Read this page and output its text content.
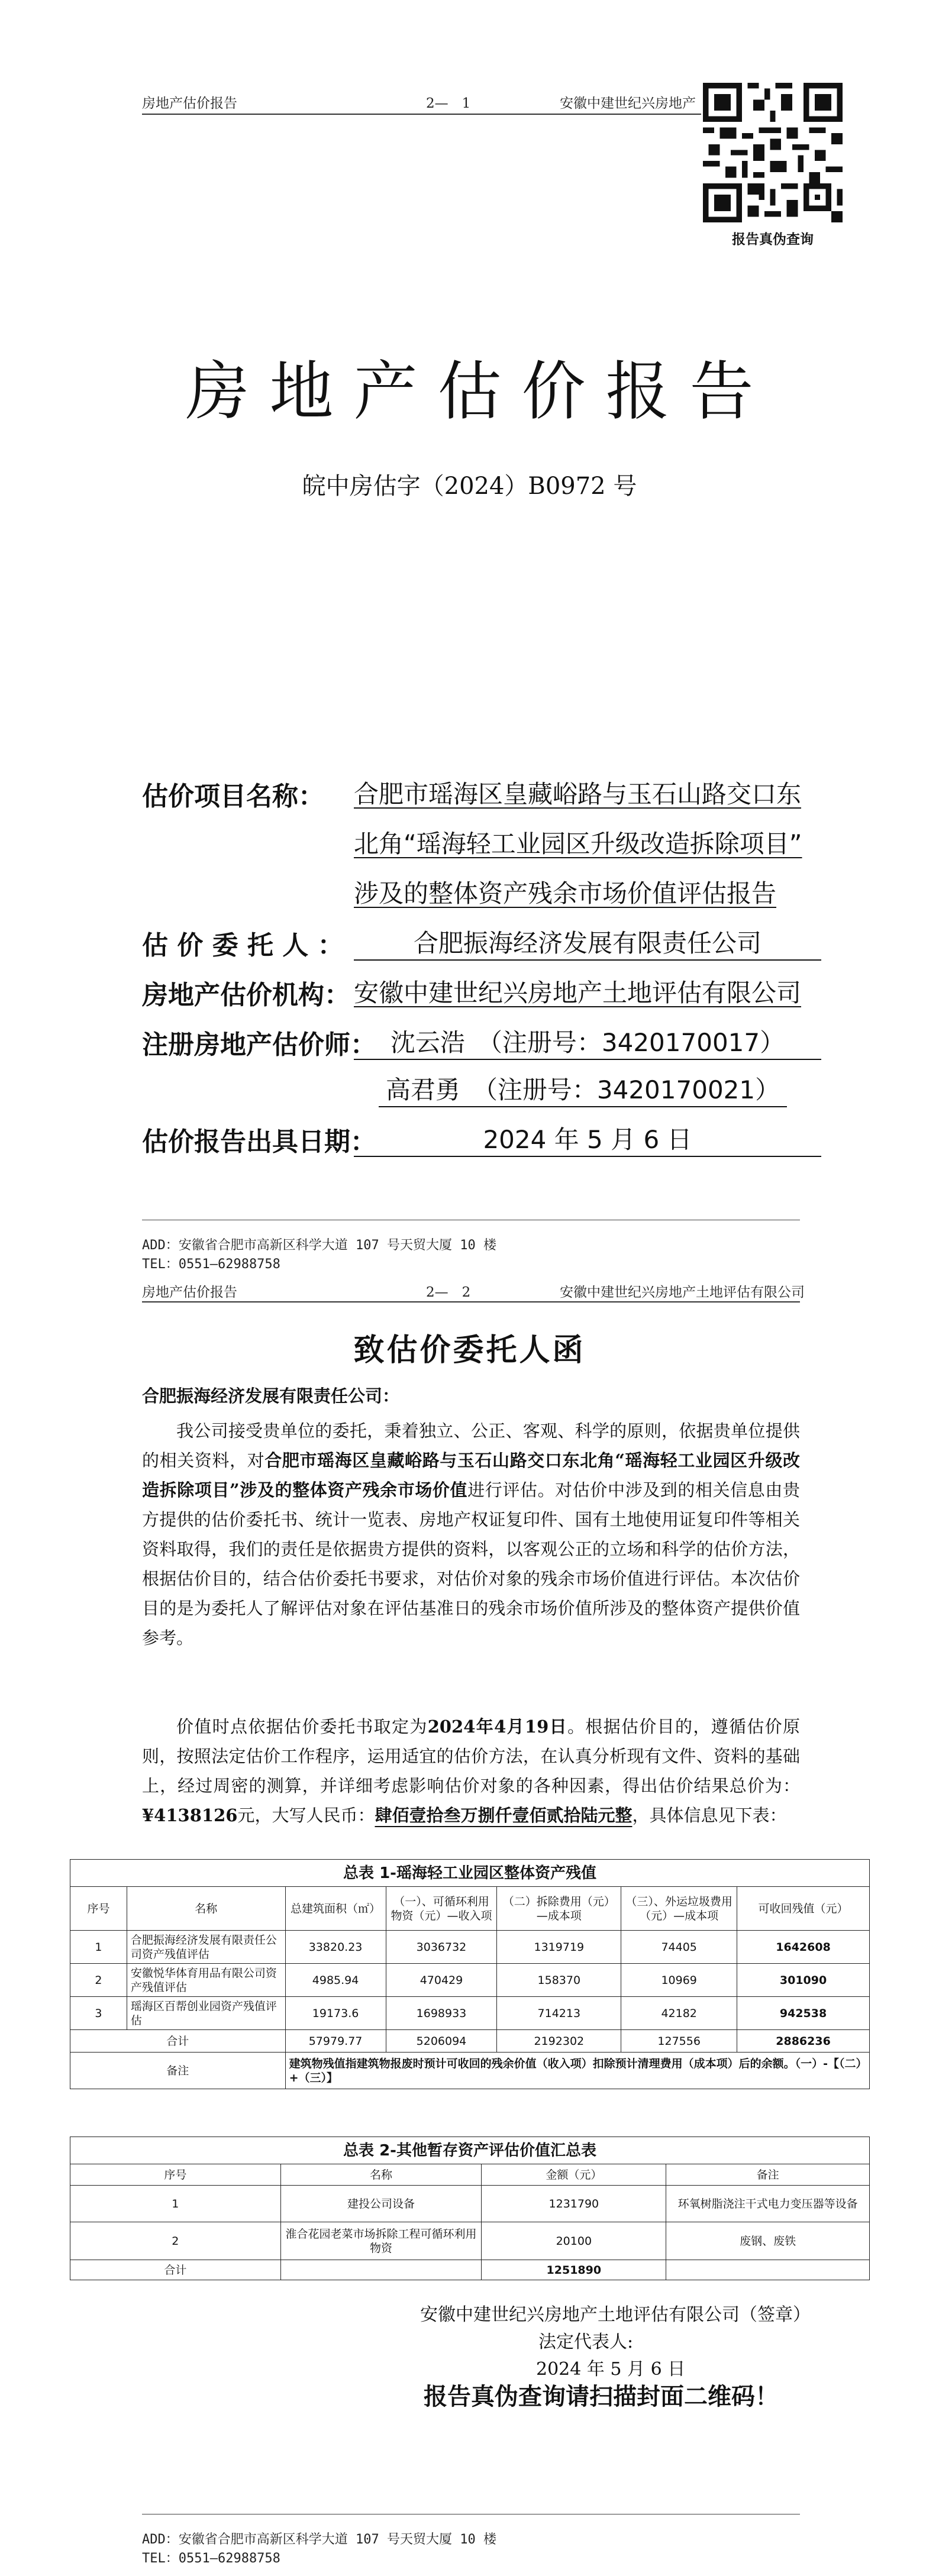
房地产估价报告	2—　1	安徽中建世纪兴房地产
报告真伪查询
房地产估价报告
皖中房估字（2024）B0972 号
估价项目名称： 合肥市瑶海区皇藏峪路与玉石山路交口东
北角“瑶海轻工业园区升级改造拆除项目”
涉及的整体资产残余市场价值评估报告
估 价 委 托 人 ：	合肥振海经济发展有限责任公司
房地产估价机构： 安徽中建世纪兴房地产土地评估有限公司
注册房地产估价师： 沈云浩　（注册号：3420170017）
高君勇　（注册号：3420170021）
估价报告出具日期：	2024 年 5 月 6 日
ADD：安徽省合肥市高新区科学大道 107 号天贸大厦 10 楼
TEL：0551—62988758
房地产估价报告	2—　2	安徽中建世纪兴房地产土地评估有限公司
致估价委托人函
合肥振海经济发展有限责任公司：
我公司接受贵单位的委托，秉着独立、公正、客观、科学的原则，依据贵单位提供的相关资料，对合肥市瑶海区皇藏峪路与玉石山路交口东北角“瑶海轻工业园区升级改造拆除项目”涉及的整体资产残余市场价值进行评估。对估价中涉及到的相关信息由贵方提供的估价委托书、统计一览表、房地产权证复印件、国有土地使用证复印件等相关资料取得，我们的责任是依据贵方提供的资料，以客观公正的立场和科学的估价方法，根据估价目的，结合估价委托书要求，对估价对象的残余市场价值进行评估。本次估价目的是为委托人了解评估对象在评估基准日的残余市场价值所涉及的整体资产提供价值参考。
价值时点依据估价委托书取定为2024年4月19日。根据估价目的，遵循估价原则，按照法定估价工作程序，运用适宜的估价方法，在认真分析现有文件、资料的基础上，经过周密的测算，并详细考虑影响估价对象的各种因素，得出估价结果总价为：¥4138126元，大写人民币：肆佰壹拾叁万捌仟壹佰贰拾陆元整，具体信息见下表：
总表 1-瑶海轻工业园区整体资产残值						
序号	名称	总建筑面积（㎡）	（一）、可循环利用物资（元）—收入项	（二）拆除费用（元）—成本项	（三）、外运垃圾费用（元）—成本项	可收回残值（元）
1	合肥振海经济发展有限责任公司资产残值评估	33820.23	3036732	1319719	74405	1642608
2	安徽悦华体育用品有限公司资产残值评估	4985.94	470429	158370	10969	301090
3	瑶海区百帮创业园资产残值评估	19173.6	1698933	714213	42182	942538
合计		57979.77	5206094	2192302	127556	2886236
备注		建筑物残值指建筑物报废时预计可收回的残余价值（收入项）扣除预计清理费用（成本项）后的余额。（一）-【（二）+（三）】				
总表 2-其他暂存资产评估价值汇总表			
序号	名称	金额（元）	备注
1	建投公司设备	1231790	环氧树脂浇注干式电力变压器等设备
2	淮合花园老菜市场拆除工程可循环利用物资	20100	废钢、废铁
合计		1251890	
安徽中建世纪兴房地产土地评估有限公司（签章）
法定代表人:
2024 年 5 月 6 日
报告真伪查询请扫描封面二维码！
ADD：安徽省合肥市高新区科学大道 107 号天贸大厦 10 楼
TEL：0551—62988758
